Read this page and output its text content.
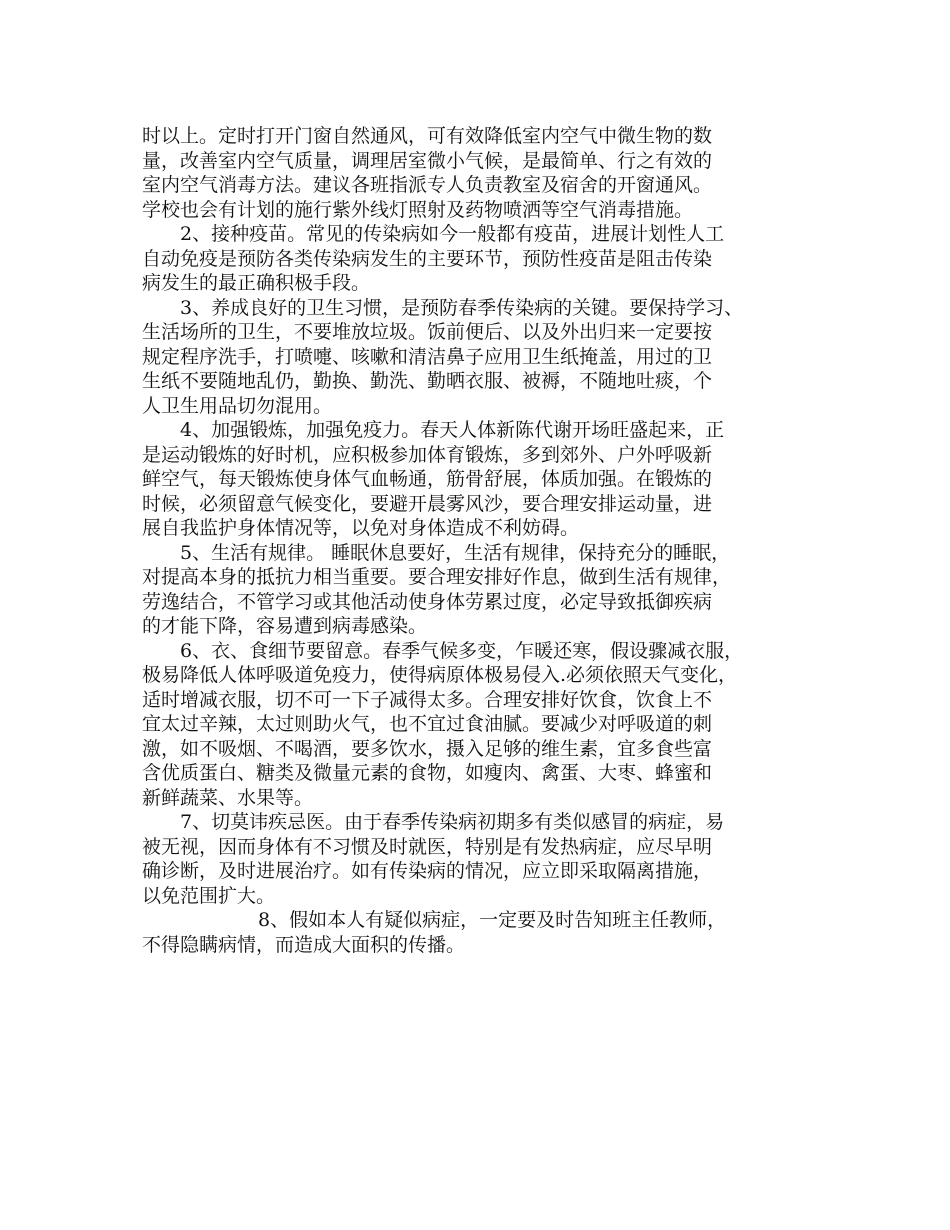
时以上。定时打开门窗自然通风，可有效降低室内空气中微生物的数
量，改善室内空气质量，调理居室微小气候，是最简单、行之有效的
室内空气消毒方法。建议各班指派专人负责教室及宿舍的开窗通风。
学校也会有计划的施行紫外线灯照射及药物喷洒等空气消毒措施。
2、接种疫苗。常见的传染病如今一般都有疫苗，进展计划性人工
自动免疫是预防各类传染病发生的主要环节，预防性疫苗是阻击传染
病发生的最正确积极手段。
3、养成良好的卫生习惯，是预防春季传染病的关键。要保持学习、
生活场所的卫生，不要堆放垃圾。饭前便后、以及外出归来一定要按
规定程序洗手，打喷嚏、咳嗽和清洁鼻子应用卫生纸掩盖，用过的卫
生纸不要随地乱仍，勤换、勤洗、勤晒衣服、被褥，不随地吐痰，个
人卫生用品切勿混用。
4、加强锻炼，加强免疫力。春天人体新陈代谢开场旺盛起来，正
是运动锻炼的好时机，应积极参加体育锻炼，多到郊外、户外呼吸新
鲜空气，每天锻炼使身体气血畅通，筋骨舒展，体质加强。在锻炼的
时候，必须留意气候变化，要避开晨雾风沙，要合理安排运动量，进
展自我监护身体情况等，以免对身体造成不利妨碍。
5、生活有规律。 睡眠休息要好，生活有规律，保持充分的睡眠，
对提高本身的抵抗力相当重要。要合理安排好作息，做到生活有规律，
劳逸结合，不管学习或其他活动使身体劳累过度，必定导致抵御疾病
的才能下降，容易遭到病毒感染。
6、衣、食细节要留意。春季气候多变，乍暖还寒，假设骤减衣服，
极易降低人体呼吸道免疫力，使得病原体极易侵入.必须依照天气变化，
适时增减衣服，切不可一下子减得太多。合理安排好饮食，饮食上不
宜太过辛辣，太过则助火气，也不宜过食油腻。要减少对呼吸道的刺
激，如不吸烟、不喝酒，要多饮水，摄入足够的维生素，宜多食些富
含优质蛋白、糖类及微量元素的食物，如瘦肉、禽蛋、大枣、蜂蜜和
新鲜蔬菜、水果等。
7、切莫讳疾忌医。由于春季传染病初期多有类似感冒的病症，易
被无视，因而身体有不习惯及时就医，特别是有发热病症，应尽早明
确诊断，及时进展治疗。如有传染病的情况，应立即采取隔离措施，
以免范围扩大。
8、假如本人有疑似病症，一定要及时告知班主任教师，
不得隐瞒病情，而造成大面积的传播。
